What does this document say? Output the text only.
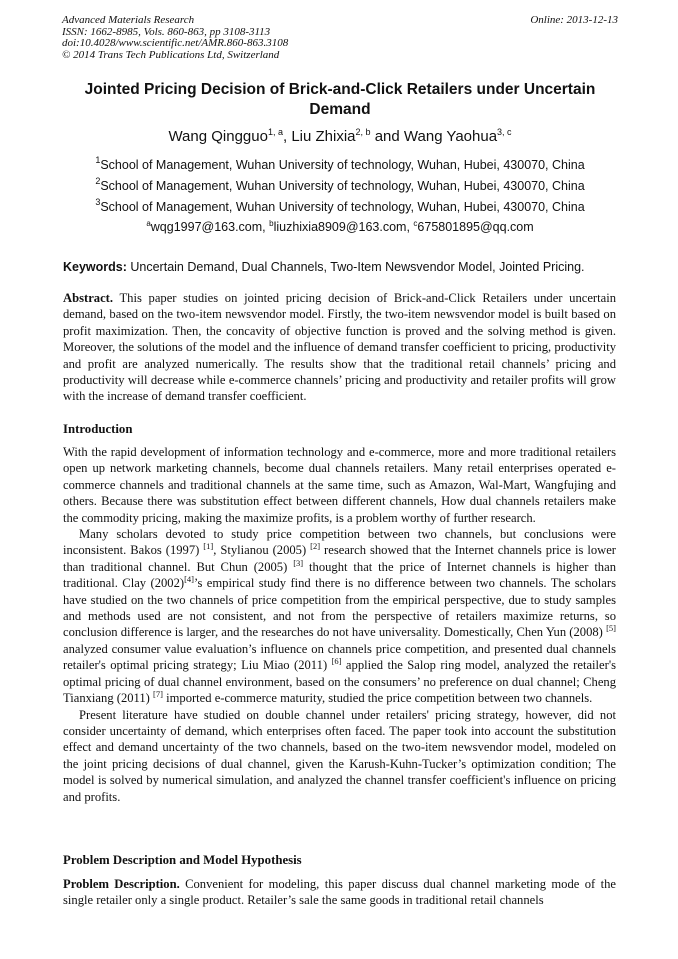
Advanced Materials Research
ISSN: 1662-8985, Vols. 860-863, pp 3108-3113
doi:10.4028/www.scientific.net/AMR.860-863.3108
© 2014 Trans Tech Publications Ltd, Switzerland
Online: 2013-12-13
Jointed Pricing Decision of Brick-and-Click Retailers under Uncertain Demand
Wang Qingguo$^{1, a}$, Liu Zhixia$^{2, b}$ and Wang Yaohua$^{3, c}$
$^1$School of Management, Wuhan University of technology, Wuhan, Hubei, 430070, China
$^2$School of Management, Wuhan University of technology, Wuhan, Hubei, 430070, China
$^3$School of Management, Wuhan University of technology, Wuhan, Hubei, 430070, China
$^a$wqg1997@163.com, $^b$liuzhixia8909@163.com, $^c$675801895@qq.com
Keywords: Uncertain Demand, Dual Channels, Two-Item Newsvendor Model, Jointed Pricing.

Abstract. This paper studies on jointed pricing decision of Brick-and-Click Retailers under uncertain demand, based on the two-item newsvendor model. Firstly, the two-item newsvendor model is built based on profit maximization. Then, the concavity of objective function is proved and the solving method is given. Moreover, the solutions of the model and the influence of demand transfer coefficient to pricing, productivity and profit are analyzed numerically. The results show that the traditional retail channels’ pricing and productivity will decrease while e-commerce channels’ pricing and productivity and retailer profits will grow with the increase of demand transfer coefficient.

Introduction

With the rapid development of information technology and e-commerce, more and more traditional retailers open up network marketing channels, become dual channels retailers. Many retail enterprises operated e-commerce channels and traditional channels at the same time, such as Amazon, Wal-Mart, Wangfujing and others. Because there was substitution effect between different channels, How dual channels retailers make the commodity pricing, making the maximize profits, is a problem worthy of further research.

Many scholars devoted to study price competition between two channels, but conclusions were inconsistent. Bakos (1997) [1], Stylianou (2005) [2] research showed that the Internet channels price is lower than traditional channel. But Chun (2005) [3] thought that the price of Internet channels is higher than traditional. Clay (2002)[4]’s empirical study find there is no difference between two channels. The scholars have studied on the two channels of price competition from the empirical perspective, due to study samples and methods used are not consistent, and not from the perspective of retailers maximize returns, so conclusion difference is larger, and the researches do not have universality. Domestically, Chen Yun (2008) [5] analyzed consumer value evaluation’s influence on channels price competition, and presented dual channels retailer's optimal pricing strategy; Liu Miao (2011) [6] applied the Salop ring model, analyzed the retailer's optimal pricing of dual channel environment, based on the consumers’ no preference on dual channel; Cheng Tianxiang (2011) [7] imported e-commerce maturity, studied the price competition between two channels.

Present literature have studied on double channel under retailers' pricing strategy, however, did not consider uncertainty of demand, which enterprises often faced. The paper took into account the substitution effect and demand uncertainty of the two channels, based on the two-item newsvendor model, modeled on the joint pricing decisions of dual channel, given the Karush-Kuhn-Tucker’s optimization condition; The model is solved by numerical simulation, and analyzed the channel transfer coefficient's influence on pricing and profits.

Problem Description and Model Hypothesis

Problem Description. Convenient for modeling, this paper discuss dual channel marketing mode of the single retailer only a single product. Retailer’s sale the same goods in traditional retail channels
